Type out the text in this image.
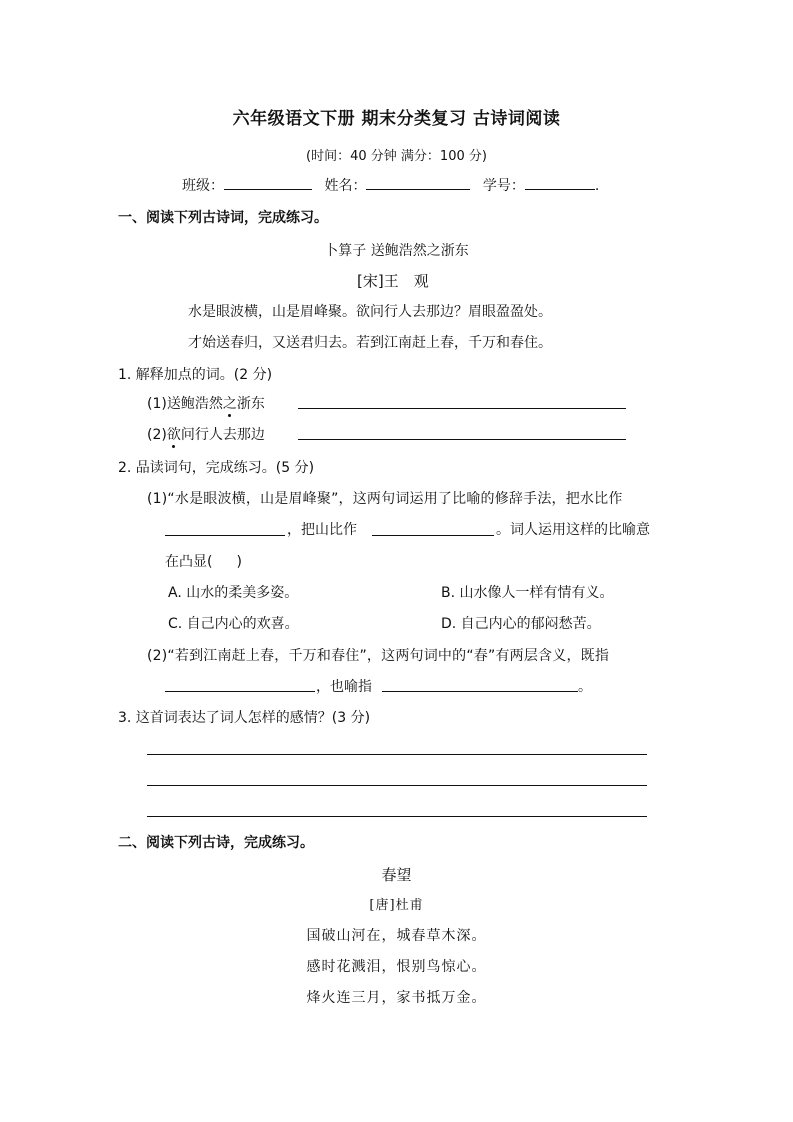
六年级语文下册 期末分类复习 古诗词阅读
(时间：40 分钟 满分：100 分)
班级：	姓名：	学号：	.
一、阅读下列古诗词，完成练习。
卜算子 送鲍浩然之浙东
[宋]王　观
水是眼波横，山是眉峰聚。欲问行人去那边？眉眼盈盈处。
才始送春归，又送君归去。若到江南赶上春，千万和春住。
1. 解释加点的词。(2 分)
(1)送鲍浩然之浙东
(2)欲问行人去那边
2. 品读词句，完成练习。(5 分)
(1)“水是眼波横，山是眉峰聚”，这两句词运用了比喻的修辞手法，把水比作
，把山比作	。词人运用这样的比喻意
在凸显( )
A. 山水的柔美多姿。	B. 山水像人一样有情有义。
C. 自己内心的欢喜。	D. 自己内心的郁闷愁苦。
(2)“若到江南赶上春，千万和春住”，这两句词中的“春”有两层含义，既指
，也喻指	。
3. 这首词表达了词人怎样的感情？(3 分)
二、阅读下列古诗，完成练习。
春望
[唐]杜甫
国破山河在，城春草木深。
感时花溅泪，恨别鸟惊心。
烽火连三月，家书抵万金。
